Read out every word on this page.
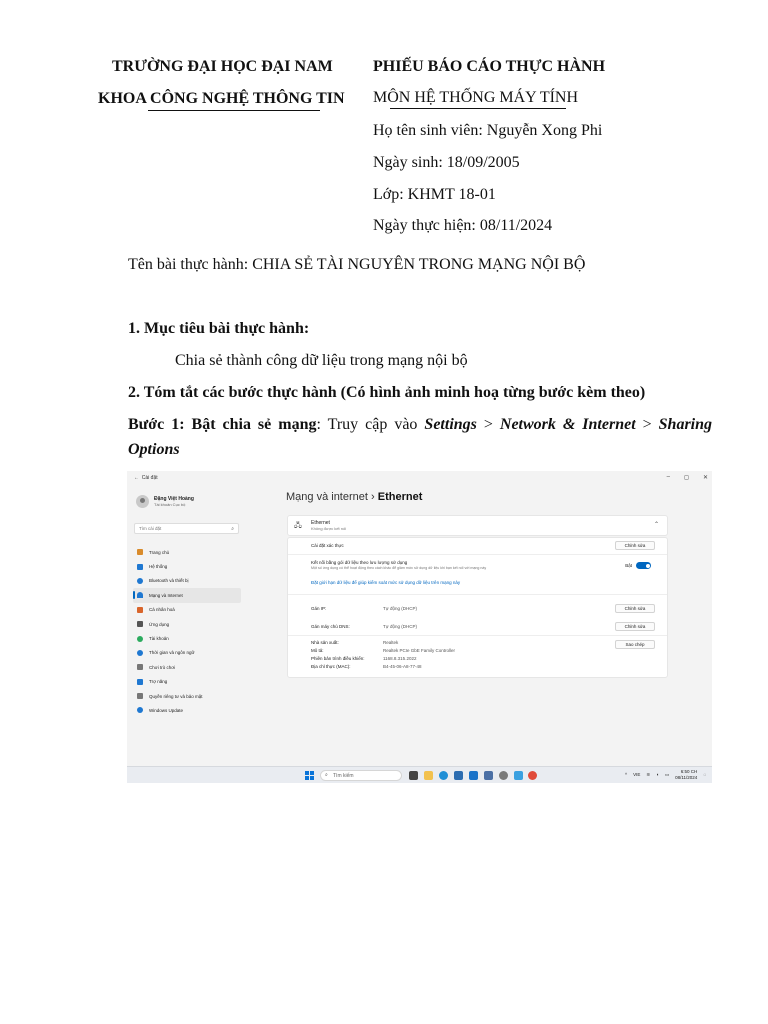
TRƯỜNG ĐẠI HỌC ĐẠI NAM
KHOA CÔNG NGHỆ THÔNG TIN
PHIẾU BÁO CÁO THỰC HÀNH
MÔN HỆ THỐNG MÁY TÍNH
Họ tên sinh viên: Nguyễn Xong Phi
Ngày sinh: 18/09/2005
Lớp: KHMT 18-01
Ngày thực hiện: 08/11/2024
Tên bài thực hành: CHIA SẺ TÀI NGUYÊN TRONG MẠNG NỘI BỘ
1. Mục tiêu bài thực hành:
Chia sẻ thành công dữ liệu trong mạng nội bộ
2. Tóm tắt các bước thực hành (Có hình ảnh minh hoạ từng bước kèm theo)
Bước 1: Bật chia sẻ mạng: Truy cập vào Settings > Network & Internet > Sharing Options
← Cài đặt	– ◻ ✕
Đặng Việt Hoàng
Tài khoản Cục bộ
Tìm cài đặt	⌕
Trang chủ
Hệ thống
Bluetooth và thiết bị
Mạng và Internet
Cá nhân hoá
Ứng dụng
Tài khoản
Thời gian và ngôn ngữ
Chơi trò chơi
Trợ năng
Quyền riêng tư và bảo mật
Windows Update
Mạng và internet › Ethernet
🖧 Ethernet
Không được kết nối
⌃
Cài đặt xác thực	Chỉnh sửa
Kết nối bằng gói dữ liệu theo lưu lượng sử dụng
Một số ứng dụng có thể hoạt động theo cách khác để giảm mức sử dụng dữ liệu khi bạn kết nối với mạng này	Bật
Đặt giới hạn dữ liệu để giúp kiểm soát mức sử dụng dữ liệu trên mạng này
Gán IP:	Tự động (DHCP)	Chỉnh sửa
Gán máy chủ DNS:	Tự động (DHCP)	Chỉnh sửa
Nhà sản xuất:	Realtek	Sao chép
Mô tả:	Realtek PCIe GbE Family Controller
Phiên bản trình điều khiển:	1168.8.315.2022
Địa chỉ thực (MAC):	B4-45-06-A8-77-48
⌕ Tìm kiếm	^ VIE ≋ ◖ ▭	6:50 CH
08/11/2024 ◌
